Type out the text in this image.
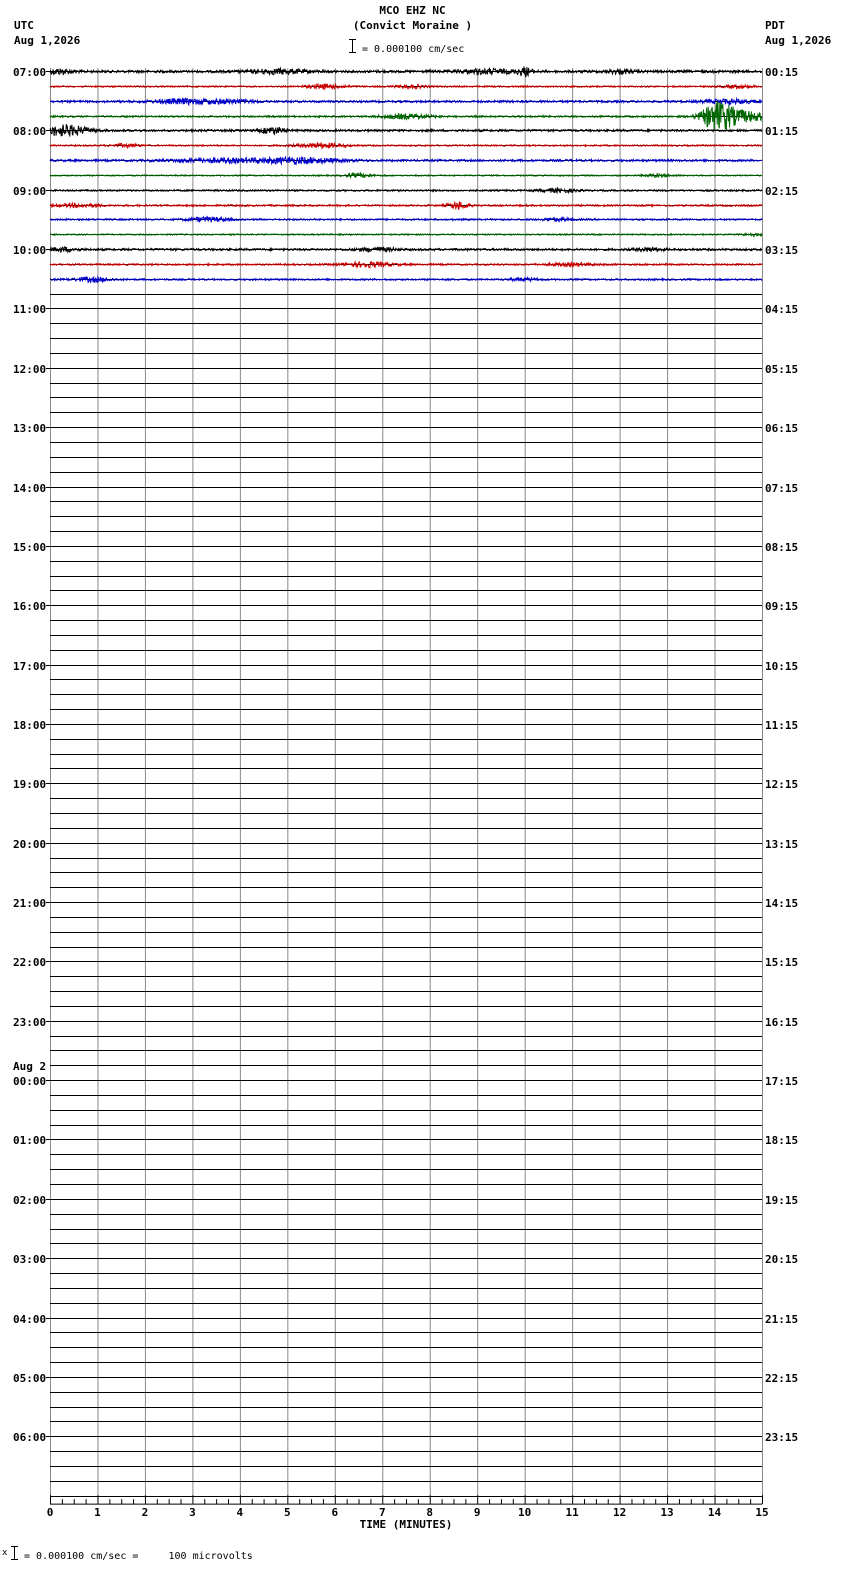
MCO EHZ NC
(Convict Moraine )
= 0.000100 cm/sec
UTC
Aug 1,2026
PDT
Aug 1,2026
07:00
08:00
09:00
10:00
11:00
12:00
13:00
14:00
15:00
16:00
17:00
18:00
19:00
20:00
21:00
22:00
23:00
00:00
01:00
02:00
03:00
04:00
05:00
06:00
00:15
01:15
02:15
03:15
04:15
05:15
06:15
07:15
08:15
09:15
10:15
11:15
12:15
13:15
14:15
15:15
16:15
17:15
18:15
19:15
20:15
21:15
22:15
23:15
Aug 2
0	1	2	3	4	5	6	7	8	9	10	11	12	13	14	15
TIME (MINUTES)
x = 0.000100 cm/sec =     100 microvolts
